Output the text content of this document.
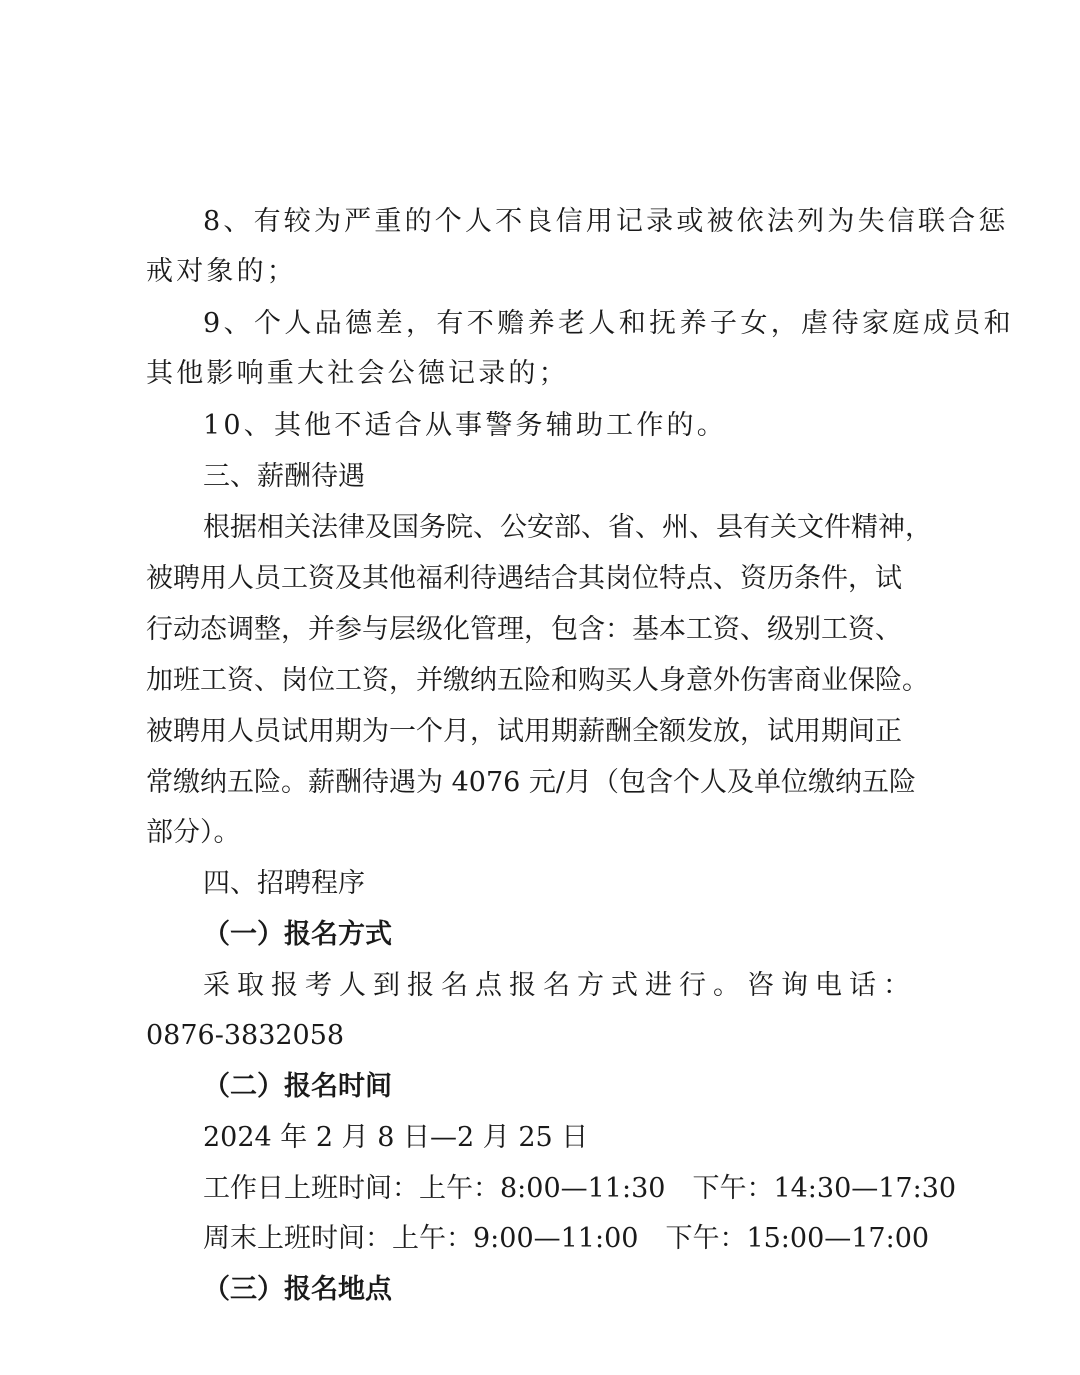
8、有较为严重的个人不良信用记录或被依法列为失信联合惩
戒对象的；
9、个人品德差，有不赡养老人和抚养子女，虐待家庭成员和
其他影响重大社会公德记录的；
10、其他不适合从事警务辅助工作的。
三、薪酬待遇
根据相关法律及国务院、公安部、省、州、县有关文件精神，
被聘用人员工资及其他福利待遇结合其岗位特点、资历条件，试
行动态调整，并参与层级化管理，包含：基本工资、级别工资、
加班工资、岗位工资，并缴纳五险和购买人身意外伤害商业保险。
被聘用人员试用期为一个月，试用期薪酬全额发放，试用期间正
常缴纳五险。薪酬待遇为 4076 元/月（包含个人及单位缴纳五险
部分）。
四、招聘程序
（一）报名方式
采取报考人到报名点报名方式进行。咨询电话：
0876-3832058
（二）报名时间
2024 年 2 月 8 日—2 月 25 日
工作日上班时间：上午：8:00—11:30　下午：14:30—17:30
周末上班时间：上午：9:00—11:00　下午：15:00—17:00
（三）报名地点
